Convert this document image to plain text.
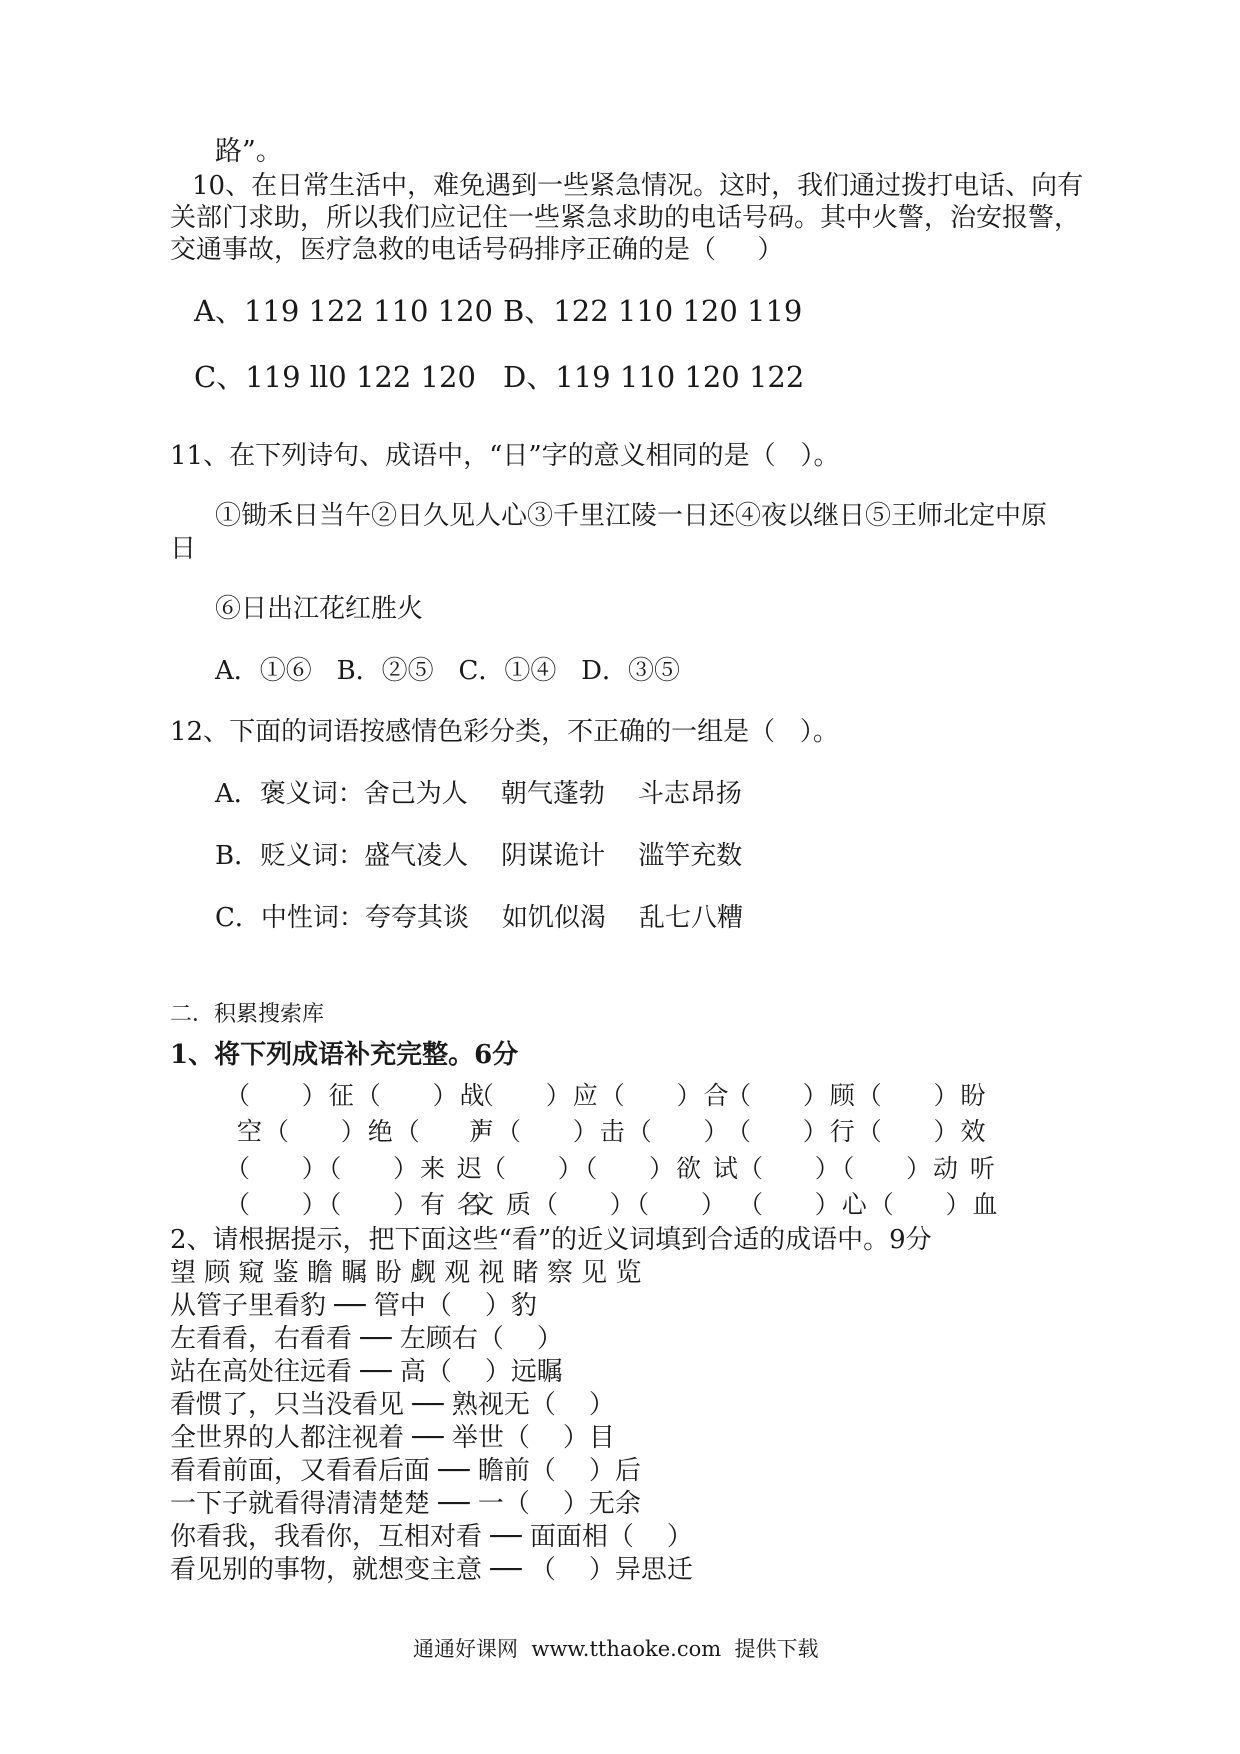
路”。
10、在日常生活中，难免遇到一些紧急情况。这时，我们通过拨打电话、向有
关部门求助，所以我们应记住一些紧急求助的电话号码。其中火警，治安报警，
交通事故，医疗急救的电话号码排序正确的是（     ）
A、119 122 110 120 B、122 110 120 119
C、119 ll0 122 120 D、119 110 120 122
11、在下列诗句、成语中，“日”字的意义相同的是（   ）。
①锄禾日当午②日久见人心③千里江陵一日还④夜以继日⑤王师北定中原
日
⑥日出江花红胜火
A．①⑥   B．②⑤   C．①④   D．③⑤
12、下面的词语按感情色彩分类，不正确的一组是（   ）。
A．褒义词：舍己为人    朝气蓬勃    斗志昂扬
B．贬义词：盛气凌人    阴谋诡计    滥竽充数
C．中性词：夸夸其谈    如饥似渴    乱七八糟
二．积累搜索库
1、将下列成语补充完整。6分
（     ）征（     ）战
（     ）应（     ）合
（     ）顾（     ）盼
空（     ）绝（     ）
声（     ）击（     ）
（     ）行（     ）效
（     ）（     ）来 迟
（     ）（     ）欲 试
（     ）（     ）动 听
（     ）（     ）有 名
文 质（     ）（     ） （     ）心（     ）血
2、请根据提示，把下面这些“看”的近义词填到合适的成语中。9分
望 顾 窥 鉴 瞻 瞩 盼 觑 观 视 睹 察 见 览
从管子里看豹 ── 管中（    ）豹
左看看，右看看 ── 左顾右（    ）
站在高处往远看 ── 高（    ）远瞩
看惯了，只当没看见 ── 熟视无（    ）
全世界的人都注视着 ── 举世（    ）目
看看前面，又看看后面 ── 瞻前（    ）后
一下子就看得清清楚楚 ── 一（    ）无余
你看我，我看你，互相对看 ── 面面相（    ）
看见别的事物，就想变主意 ── （    ）异思迁
通通好课网  www.tthaoke.com  提供下载
